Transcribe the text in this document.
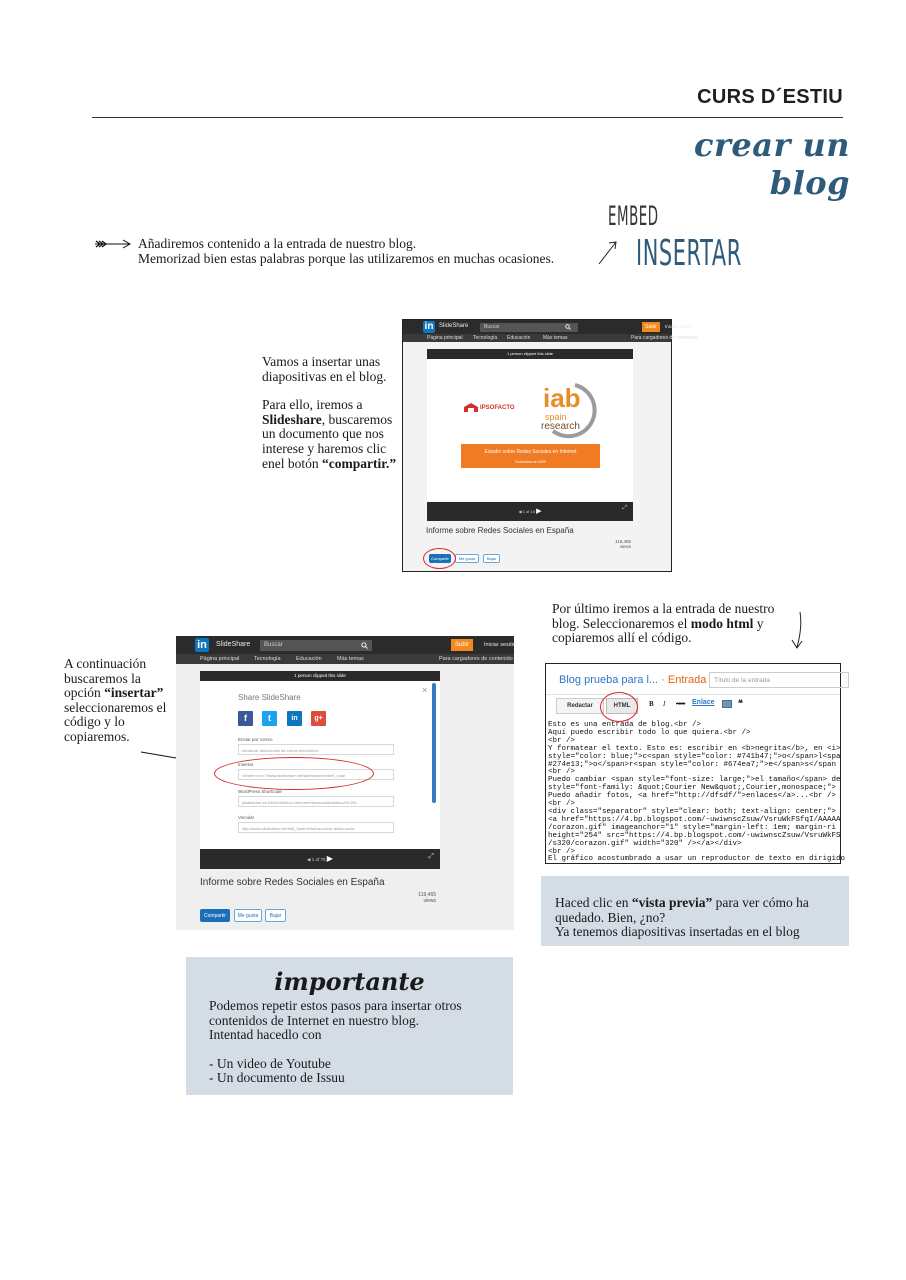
CURS D´ESTIU
crear un blog
Añadiremos contenido a la entrada de nuestro blog.
Memorizad bien estas palabras porque las utilizaremos en muchas ocasiones.
EMBED
INSERTAR

Vamos a insertar unas diapositivas en el blog.

Para ello, iremos a Slideshare, buscaremos un documento que nos interese y haremos clic enel botón “compartir.”

in SlideShare	Buscar	Subir	Iniciar sesión
Página principal Tecnología Educación	Más temas	Para cargadores de contenido
1 person clipped this slide
IPSOFACTO iab
spain
research
Estudio sobre Redes Sociales en Internet
Noviembre de 2009
◀ 1 of 10 ▶	⤢
Informe sobre Redes Sociales en España
119,465
views
Compartir	Me gusta	Bajar
A continuación buscaremos la opción “insertar” seleccionaremos el código y lo copiaremos.
in	SlideShare	Buscar	Subir	Iniciar sesión
Página principal	Tecnología	Educación	Más temas	Para cargadores de contenido
1 person clipped this slide
Share SlideShare
×
f	t	in	g+
Enviar por correo
Introducir direcciones de correo electrónico
Insertar
<iframe src="//www.slideshare.net/slideshow/embed_code
WordPress Shortcode
[slideshare id=2484418&doc=informeredessocialesiabnov09-091
Vincular
http://www.slideshare.net/IAB_Spain/informe-sobre-redes-socia
◀ 1 of 75 ▶	⤢
Informe sobre Redes Sociales en España
119,465
views
Compartir	Me gusta	Bajar
Por último iremos a la entrada de nuestro blog. Seleccionaremos el modo html y copiaremos allí el código.
Blog prueba para l... · Entrada	Título de la entrada
Redactar	HTML	B I ABC Enlace	❝
Esto es una entrada de blog.<br />
Aquí puedo escribir todo lo que quiera.<br />
<br />
Y formatear el texto. Esto es: escribir en <b>negrita</b>, en <i>
style="color: blue;">c<span style="color: #741b47;">o</span>l<spa
#274e13;">o</span>r<span style="color: #674ea7;">e</span>s</span
<br />
Puedo cambiar <span style="font-size: large;">el tamaño</span> de
style="font-family: &quot;Courier New&quot;,Courier,monospace;">
Puedo añadir fotos, <a href="http://dfsdf/">enlaces</a>...<br />
<br />
<div class="separator" style="clear: both; text-align: center;">
<a href="https://4.bp.blogspot.com/-uwiwnscZsuw/VsruWkFSfqI/AAAAA
/corazon.gif" imageanchor="1" style="margin-left: 1em; margin-ri
height="254" src="https://4.bp.blogspot.com/-uwiwnscZsuw/VsruWkFS
/s320/corazon.gif" width="320" /></a></div>
<br />
El gráfico acostumbrado a usar un reproductor de texto en dirigido
Haced clic en “vista previa” para ver cómo ha quedado. Bien, ¿no?
Ya tenemos diapositivas insertadas en el blog
importante
Podemos repetir estos pasos para insertar otros contenidos de Internet en nuestro blog.
Intentad hacedlo con
- Un video de Youtube
- Un documento de Issuu
